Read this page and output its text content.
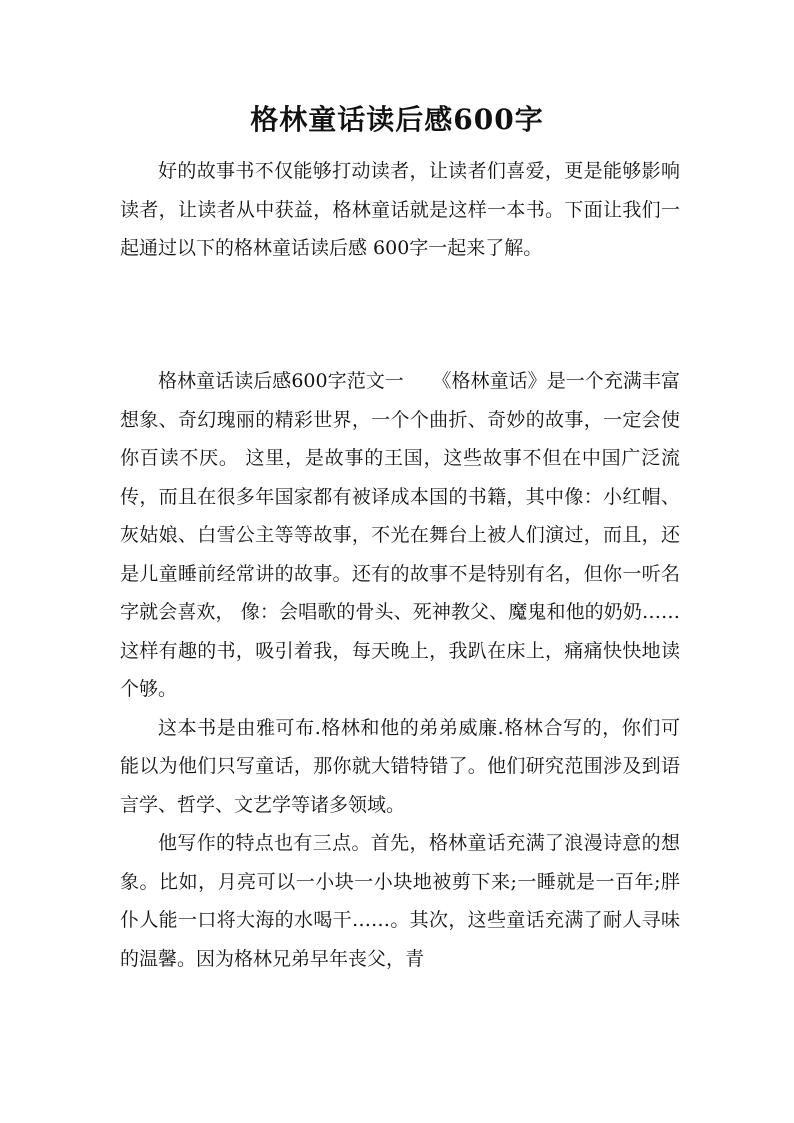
格林童话读后感600字

好的故事书不仅能够打动读者，让读者们喜爱，更是能够影响读者，让读者从中获益，格林童话就是这样一本书。下面让我们一起通过以下的格林童话读后感 600字一起来了解。

格林童话读后感600字范文一　　《格林童话》是一个充满丰富想象、奇幻瑰丽的精彩世界，一个个曲折、奇妙的故事，一定会使你百读不厌。 这里，是故事的王国，这些故事不但在中国广泛流传，而且在很多年国家都有被译成本国的书籍，其中像：小红帽、灰姑娘、白雪公主等等故事，不光在舞台上被人们演过，而且，还是儿童睡前经常讲的故事。还有的故事不是特别有名，但你一听名字就会喜欢， 像：会唱歌的骨头、死神教父、魔鬼和他的奶奶……这样有趣的书，吸引着我，每天晚上，我趴在床上，痛痛快快地读个够。

这本书是由雅可布.格林和他的弟弟威廉.格林合写的，你们可能以为他们只写童话，那你就大错特错了。他们研究范围涉及到语言学、哲学、文艺学等诸多领域。

他写作的特点也有三点。首先，格林童话充满了浪漫诗意的想象。比如，月亮可以一小块一小块地被剪下来;一睡就是一百年;胖仆人能一口将大海的水喝干……。其次，这些童话充满了耐人寻味的温馨。因为格林兄弟早年丧父，青
